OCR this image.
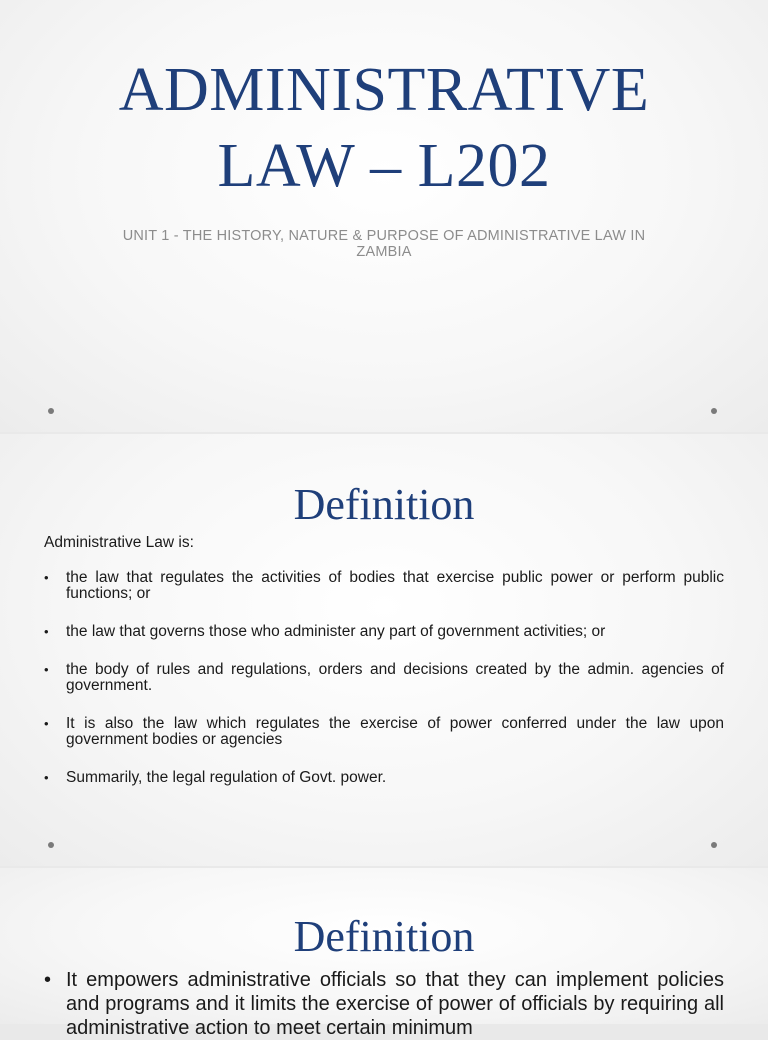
ADMINISTRATIVE
LAW – L202
UNIT 1 - THE HISTORY, NATURE & PURPOSE OF ADMINISTRATIVE LAW IN ZAMBIA
Definition
Administrative Law is:
• the law that regulates the activities of bodies that exercise public power or perform public functions; or
• the law that governs those who administer any part of government activities; or
• the body of rules and regulations, orders and decisions created by the admin. agencies of government.
• It is also the law which regulates the exercise of power conferred under the law upon government bodies or agencies
• Summarily, the legal regulation of Govt. power.
Definition
• It empowers administrative officials so that they can implement policies and programs and it limits the exercise of power of officials by requiring all administrative action to meet certain minimum
